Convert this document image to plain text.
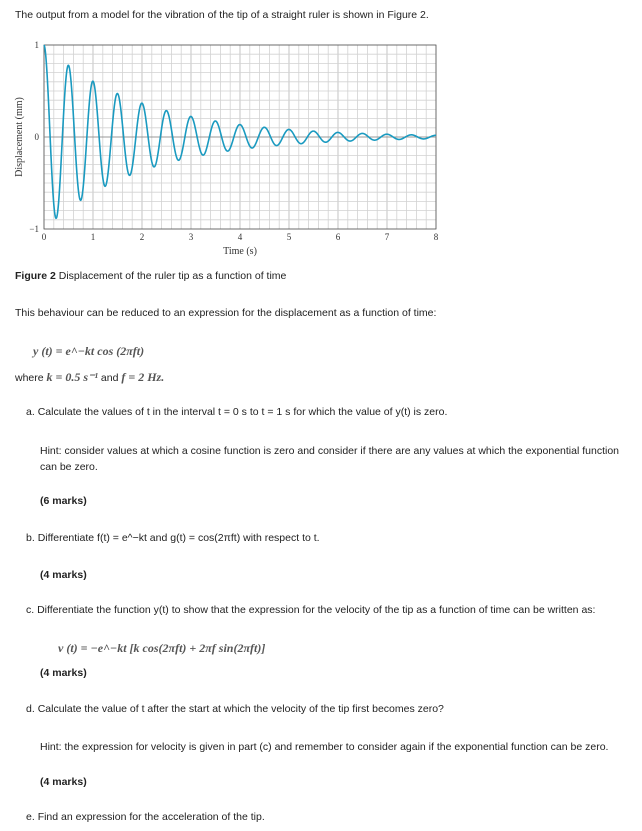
The output from a model for the vibration of the tip of a straight ruler is shown in Figure 2.
0	1	2	3	4	5	6	7	8
−1
0
1
Time (s)
Displacement (mm)
Figure 2 Displacement of the ruler tip as a function of time
This behaviour can be reduced to an expression for the displacement as a function of time:
y (t) = e^−kt cos (2πft)
where k = 0.5 s⁻¹ and f = 2 Hz.
a. Calculate the values of t in the interval t = 0 s to t = 1 s for which the value of y(t) is zero.
Hint: consider values at which a cosine function is zero and consider if there are any values at which the exponential function can be zero.
(6 marks)
b. Differentiate f(t) = e^−kt and g(t) = cos(2πft) with respect to t.
(4 marks)
c. Differentiate the function y(t) to show that the expression for the velocity of the tip as a function of time can be written as:
v (t) = −e^−kt [k cos(2πft) + 2πf sin(2πft)]
(4 marks)
d. Calculate the value of t after the start at which the velocity of the tip first becomes zero?
Hint: the expression for velocity is given in part (c) and remember to consider again if the exponential function can be zero.
(4 marks)
e. Find an expression for the acceleration of the tip.
